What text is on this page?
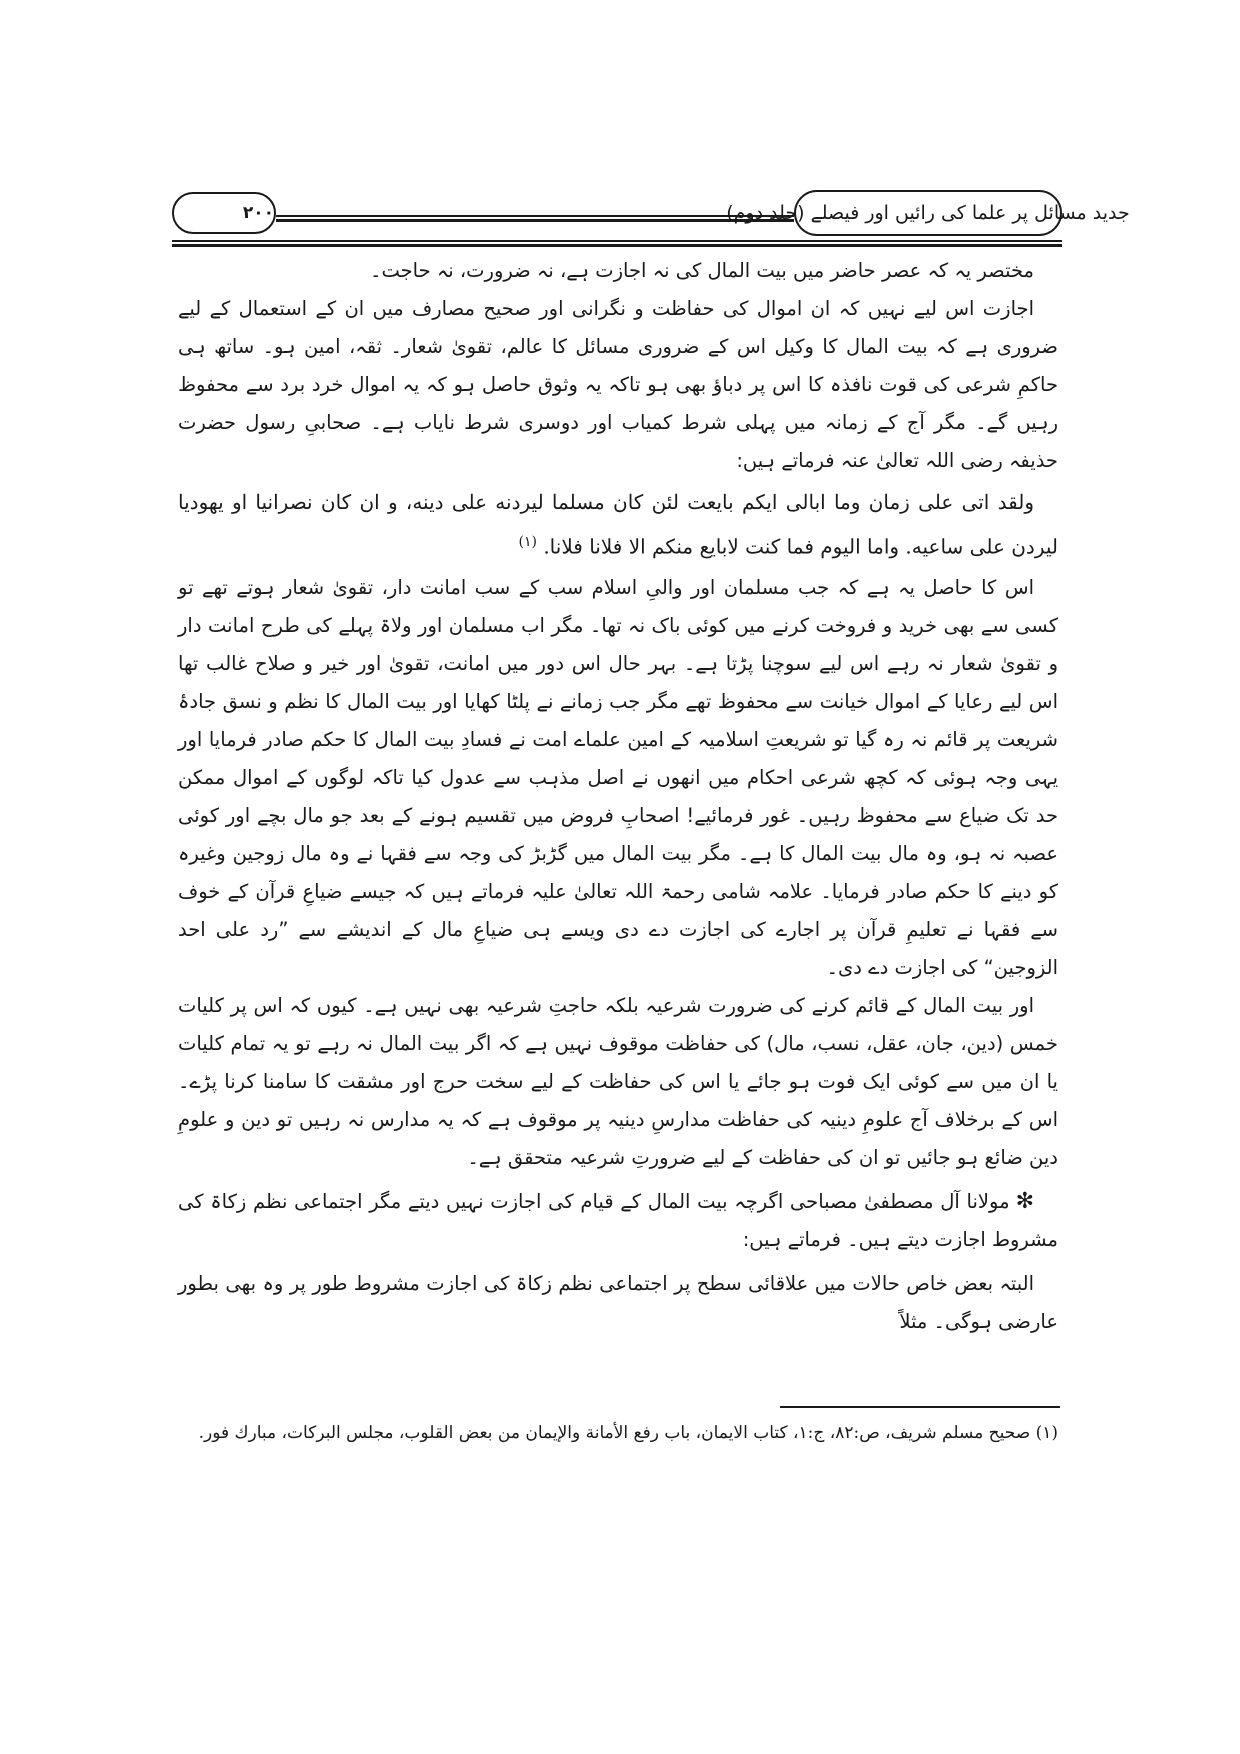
۲۰۰	جدید مسائل پر علما کی رائیں اور فیصلے (جلد دوم)

مختصر یہ کہ عصر حاضر میں بیت المال کی نہ اجازت ہے، نہ ضرورت، نہ حاجت۔

اجازت اس لیے نہیں کہ ان اموال کی حفاظت و نگرانی اور صحیح مصارف میں ان کے استعمال کے لیے ضروری ہے کہ بیت المال کا وکیل اس کے ضروری مسائل کا عالم، تقویٰ شعار۔ ثقہ، امین ہو۔ ساتھ ہی حاکمِ شرعی کی قوت نافذہ کا اس پر دباؤ بھی ہو تاکہ یہ وثوق حاصل ہو کہ یہ اموال خرد برد سے محفوظ رہیں گے۔ مگر آج کے زمانہ میں پہلی شرط کمیاب اور دوسری شرط نایاب ہے۔ صحابیِ رسول حضرت حذیفہ رضی اللہ تعالیٰ عنہ فرماتے ہیں:

ولقد اتى على زمان وما ابالى ايكم بايعت لئن كان مسلما ليردنه على دينه، و ان كان نصرانيا او يهوديا ليردن على ساعيه. واما اليوم فما كنت لابايع منكم الا فلانا فلانا. $^{(۱)}$

اس کا حاصل یہ ہے کہ جب مسلمان اور والیِ اسلام سب کے سب امانت دار، تقویٰ شعار ہوتے تھے تو کسی سے بھی خرید و فروخت کرنے میں کوئی باک نہ تھا۔ مگر اب مسلمان اور ولاۃ پہلے کی طرح امانت دار و تقویٰ شعار نہ رہے اس لیے سوچنا پڑتا ہے۔ بہر حال اس دور میں امانت، تقویٰ اور خیر و صلاح غالب تھا اس لیے رعایا کے اموال خیانت سے محفوظ تھے مگر جب زمانے نے پلٹا کھایا اور بیت المال کا نظم و نسق جادۂ شریعت پر قائم نہ رہ گیا تو شریعتِ اسلامیہ کے امین علماے امت نے فسادِ بیت المال کا حکم صادر فرمایا اور یہی وجہ ہوئی کہ کچھ شرعی احکام میں انھوں نے اصل مذہب سے عدول کیا تاکہ لوگوں کے اموال ممکن حد تک ضیاع سے محفوظ رہیں۔ غور فرمائیے! اصحابِ فروض میں تقسیم ہونے کے بعد جو مال بچے اور کوئی عصبہ نہ ہو، وہ مال بیت المال کا ہے۔ مگر بیت المال میں گڑبڑ کی وجہ سے فقہا نے وہ مال زوجین وغیرہ کو دینے کا حکم صادر فرمایا۔ علامہ شامی رحمۃ اللہ تعالیٰ علیہ فرماتے ہیں کہ جیسے ضیاعِ قرآن کے خوف سے فقہا نے تعلیمِ قرآن پر اجارے کی اجازت دے دی ویسے ہی ضیاعِ مال کے اندیشے سے ”رد علی احد الزوجین“ کی اجازت دے دی۔

اور بیت المال کے قائم کرنے کی ضرورت شرعیہ بلکہ حاجتِ شرعیہ بھی نہیں ہے۔ کیوں کہ اس پر کلیات خمس (دین، جان، عقل، نسب، مال) کی حفاظت موقوف نہیں ہے کہ اگر بیت المال نہ رہے تو یہ تمام کلیات یا ان میں سے کوئی ایک فوت ہو جائے یا اس کی حفاظت کے لیے سخت حرج اور مشقت کا سامنا کرنا پڑے۔ اس کے برخلاف آج علومِ دینیہ کی حفاظت مدارسِ دینیہ پر موقوف ہے کہ یہ مدارس نہ رہیں تو دین و علومِ دین ضائع ہو جائیں تو ان کی حفاظت کے لیے ضرورتِ شرعیہ متحقق ہے۔

✻مولانا آل مصطفیٰ مصباحی اگرچہ بیت المال کے قیام کی اجازت نہیں دیتے مگر اجتماعی نظم زکاۃ کی مشروط اجازت دیتے ہیں۔ فرماتے ہیں:

البتہ بعض خاص حالات میں علاقائی سطح پر اجتماعی نظم زکاۃ کی اجازت مشروط طور پر وہ بھی بطور عارضی ہوگی۔ مثلاً

(۱) صحيح مسلم شريف، ص:۸۲، ج:۱، كتاب الايمان، باب رفع الأمانة والإيمان من بعض القلوب، مجلس البركات، مبارك فور.
